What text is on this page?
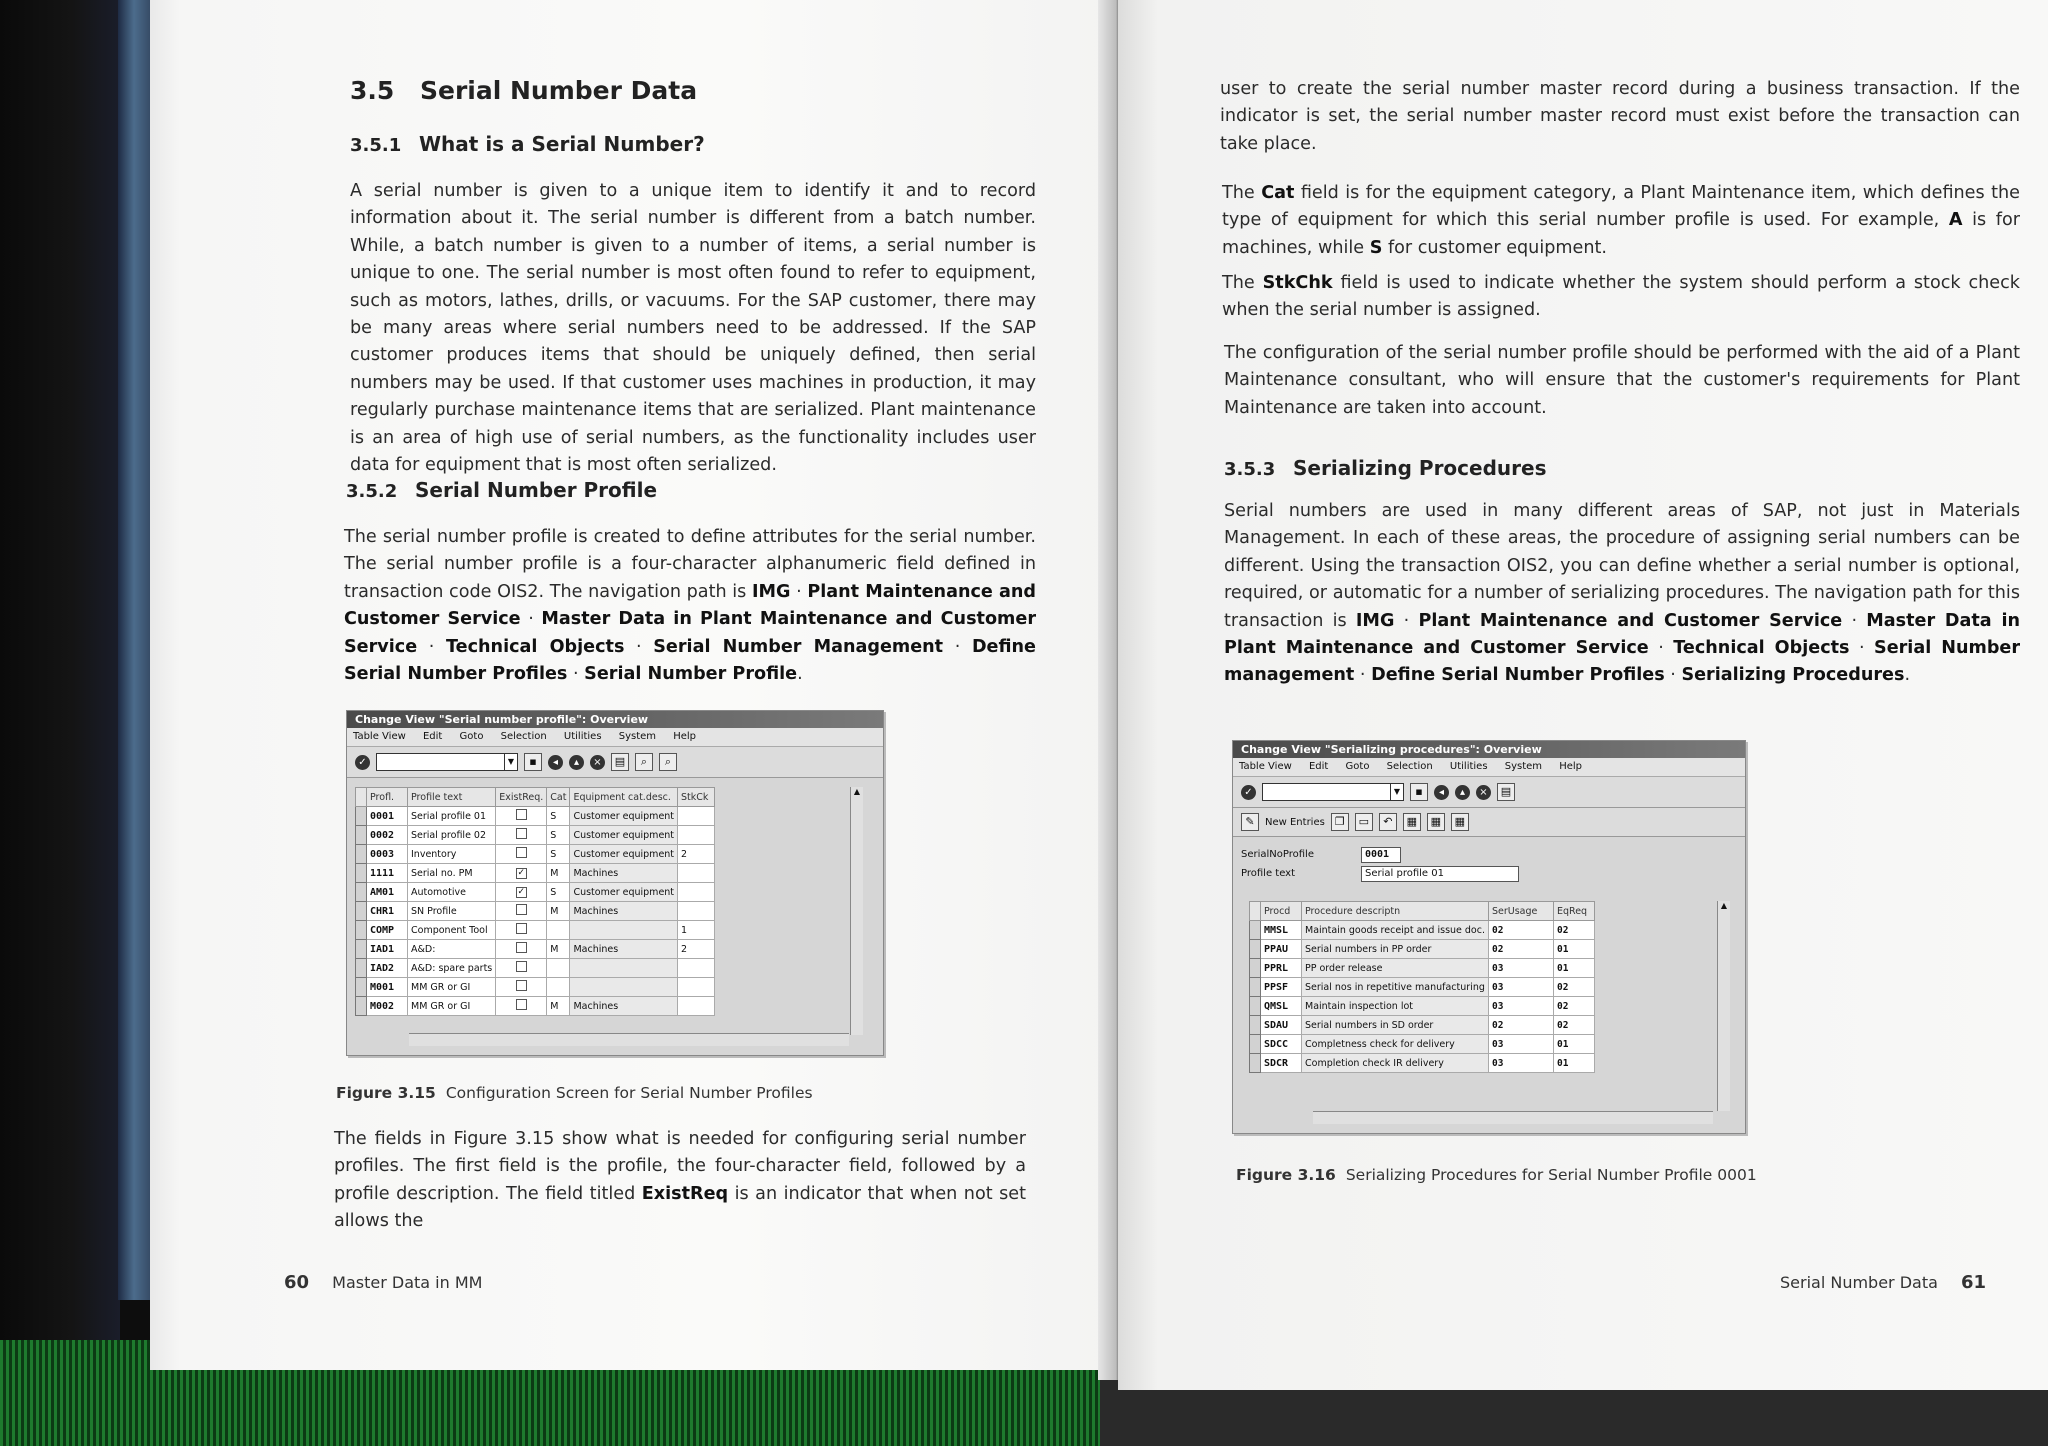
3.5 Serial Number Data
3.5.1 What is a Serial Number?

A serial number is given to a unique item to identify it and to record information about it. The serial number is different from a batch number. While, a batch number is given to a number of items, a serial number is unique to one. The serial number is most often found to refer to equipment, such as motors, lathes, drills, or vacuums. For the SAP customer, there may be many areas where serial numbers need to be addressed. If the SAP customer produces items that should be uniquely defined, then serial numbers may be used. If that customer uses machines in production, it may regularly purchase maintenance items that are serialized. Plant maintenance is an area of high use of serial numbers, as the functionality includes user data for equipment that is most often serialized.

3.5.2 Serial Number Profile

The serial number profile is created to define attributes for the serial number. The serial number profile is a four-character alphanumeric field defined in transaction code OIS2. The navigation path is IMG · Plant Maintenance and Customer Service · Master Data in Plant Maintenance and Customer Service · Technical Objects · Serial Number Management · Define Serial Number Profiles · Serial Number Profile.

Change View "Serial number profile": Overview
Table View Edit Goto Selection Utilities System Help
✓	▼	▪	◂	▴	×	▤	⌕	⌕
	Profl.	Profile text	ExistReq.	Cat	Equipment cat.desc.	StkCk
	0001	Serial profile 01		S	Customer equipment	
	0002	Serial profile 02		S	Customer equipment	
	0003	Inventory		S	Customer equipment	2
	1111	Serial no. PM	✓	M	Machines	
	AM01	Automotive	✓	S	Customer equipment	
	CHR1	SN Profile		M	Machines	
	COMP	Component Tool				1
	IAD1	A&D:		M	Machines	2
	IAD2	A&D: spare parts				
	M001	MM GR or GI				
	M002	MM GR or GI		M	Machines	
▲

Figure 3.15 Configuration Screen for Serial Number Profiles

The fields in Figure 3.15 show what is needed for configuring serial number profiles. The first field is the profile, the four-character field, followed by a profile description. The field titled ExistReq is an indicator that when not set allows the

60 Master Data in MM

user to create the serial number master record during a business transaction. If the indicator is set, the serial number master record must exist before the transaction can take place.

The Cat field is for the equipment category, a Plant Maintenance item, which defines the type of equipment for which this serial number profile is used. For example, A is for machines, while S for customer equipment.

The StkChk field is used to indicate whether the system should perform a stock check when the serial number is assigned.

The configuration of the serial number profile should be performed with the aid of a Plant Maintenance consultant, who will ensure that the customer's requirements for Plant Maintenance are taken into account.

3.5.3 Serializing Procedures

Serial numbers are used in many different areas of SAP, not just in Materials Management. In each of these areas, the procedure of assigning serial numbers can be different. Using the transaction OIS2, you can define whether a serial number is optional, required, or automatic for a number of serializing procedures. The navigation path for this transaction is IMG · Plant Maintenance and Customer Service · Master Data in Plant Maintenance and Customer Service · Technical Objects · Serial Number management · Define Serial Number Profiles · Serializing Procedures.

Change View "Serializing procedures": Overview
Table View Edit Goto Selection Utilities System Help
✓	▼	▪	◂	▴	×	▤
✎	New Entries ❐	▭	↶	▦	▦	▦
SerialNoProfile	0001
Profile text	Serial profile 01
	Procd	Procedure descriptn	SerUsage	EqReq
	MMSL	Maintain goods receipt and issue doc.	02	02
	PPAU	Serial numbers in PP order	02	01
	PPRL	PP order release	03	01
	PPSF	Serial nos in repetitive manufacturing	03	02
	QMSL	Maintain inspection lot	03	02
	SDAU	Serial numbers in SD order	02	02
	SDCC	Completness check for delivery	03	01
	SDCR	Completion check IR delivery	03	01
▲

Figure 3.16 Serializing Procedures for Serial Number Profile 0001

Serial Number Data 61
